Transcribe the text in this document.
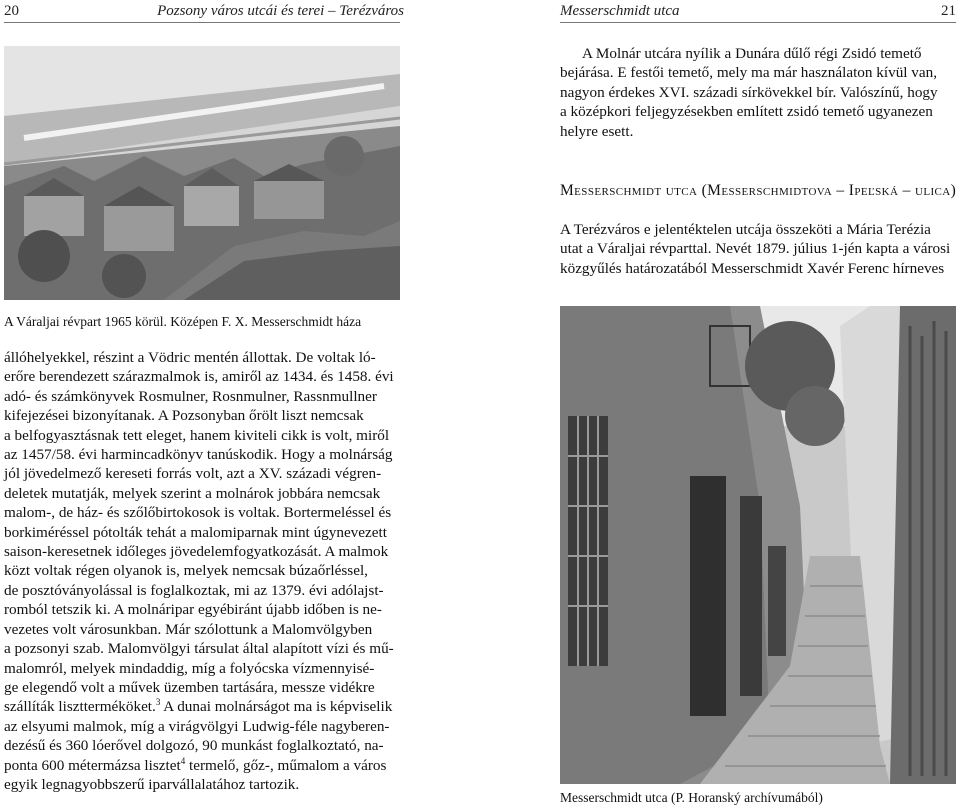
20	Pozsony város utcái és terei – Terézváros
A Váraljai révpart 1965 körül. Középen F. X. Messerschmidt háza
állóhelyekkel, részint a Vödric mentén állottak. De voltak ló-
erőre berendezett szárazmalmok is, amiről az 1434. és 1458. évi
adó- és számkönyvek Rosmulner, Rosnmulner, Rassnmullner
kifejezései bizonyítanak. A Pozsonyban őrölt liszt nemcsak
a belfogyasztásnak tett eleget, hanem kiviteli cikk is volt, miről
az 1457/58. évi harmincadkönyv tanúskodik. Hogy a molnárság
jól jövedelmező kereseti forrás volt, azt a XV. századi végren-
deletek mutatják, melyek szerint a molnárok jobbára nemcsak
malom-, de ház- és szőlőbirtokosok is voltak. Bortermeléssel és
borkiméréssel pótolták tehát a malomiparnak mint úgynevezett
saison-keresetnek időleges jövedelemfogyatkozását. A malmok
közt voltak régen olyanok is, melyek nemcsak búzaőrléssel,
de posztóványolással is foglalkoztak, mi az 1379. évi adólajst-
romból tetszik ki. A molnáripar egyébiránt újabb időben is ne-
vezetes volt városunkban. Már szólottunk a Malomvölgyben
a pozsonyi szab. Malomvölgyi társulat által alapított vízi és mű-
malomról, melyek mindaddig, míg a folyócska vízmennyisé-
ge elegendő volt a művek üzemben tartására, messze vidékre
szállíták lisztterméköket.$^3$ A dunai molnárságot ma is képviselik
az elsyumi malmok, míg a virágvölgyi Ludwig-féle nagyberen-
dezésű és 360 lóerővel dolgozó, 90 munkást foglalkoztató, na-
ponta 600 métermázsa lisztet$^4$ termelő, gőz-, műmalom a város
egyik legnagyobbszerű iparvállalatához tartozik.
Messerschmidt utca	21
A Molnár utcára nyílik a Dunára dűlő régi Zsidó temető
bejárása. E festői temető, mely ma már használaton kívül van,
nagyon érdekes XVI. századi sírkövekkel bír. Valószínű, hogy
a középkori feljegyzésekben említett zsidó temető ugyanezen
helyre esett.
Messerschmidt utca (Messerschmidtova – Ipeľská – ulica)
A Terézváros e jelentéktelen utcája összeköti a Mária Terézia
utat a Váraljai révparttal. Nevét 1879. július 1-jén kapta a városi
közgyűlés határozatából Messerschmidt Xavér Ferenc hírneves
Messerschmidt utca (P. Horanský archívumából)
